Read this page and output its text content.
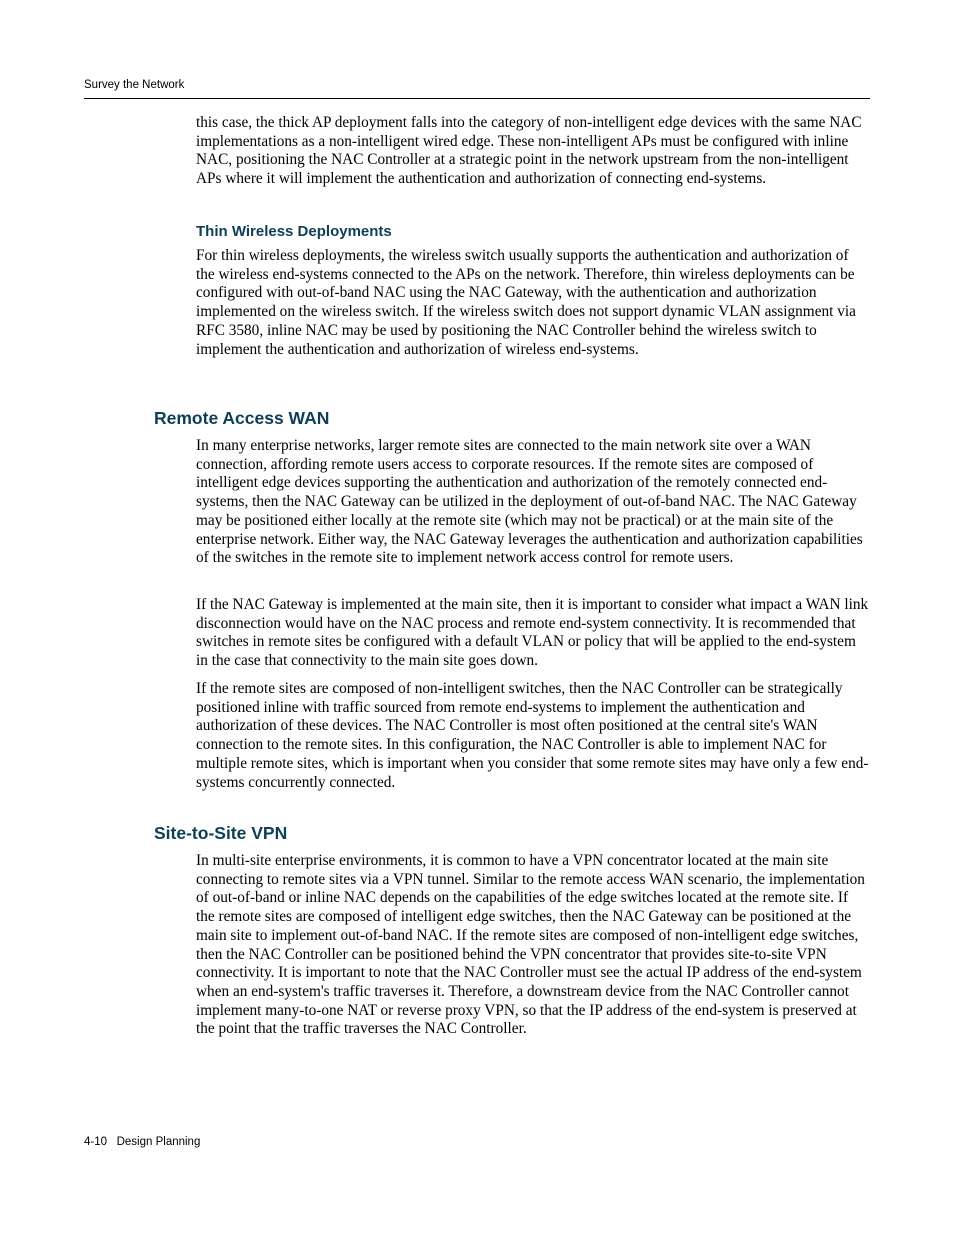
Survey the Network

this case, the thick AP deployment falls into the category of non-intelligent edge devices with the same NAC implementations as a non-intelligent wired edge. These non-intelligent APs must be configured with inline NAC, positioning the NAC Controller at a strategic point in the network upstream from the non-intelligent APs where it will implement the authentication and authorization of connecting end-systems.

Thin Wireless Deployments

For thin wireless deployments, the wireless switch usually supports the authentication and authorization of the wireless end-systems connected to the APs on the network. Therefore, thin wireless deployments can be configured with out-of-band NAC using the NAC Gateway, with the authentication and authorization implemented on the wireless switch. If the wireless switch does not support dynamic VLAN assignment via RFC 3580, inline NAC may be used by positioning the NAC Controller behind the wireless switch to implement the authentication and authorization of wireless end-systems.

Remote Access WAN

In many enterprise networks, larger remote sites are connected to the main network site over a WAN connection, affording remote users access to corporate resources. If the remote sites are composed of intelligent edge devices supporting the authentication and authorization of the remotely connected end-systems, then the NAC Gateway can be utilized in the deployment of out-of-band NAC. The NAC Gateway may be positioned either locally at the remote site (which may not be practical) or at the main site of the enterprise network. Either way, the NAC Gateway leverages the authentication and authorization capabilities of the switches in the remote site to implement network access control for remote users.

If the NAC Gateway is implemented at the main site, then it is important to consider what impact a WAN link disconnection would have on the NAC process and remote end-system connectivity. It is recommended that switches in remote sites be configured with a default VLAN or policy that will be applied to the end-system in the case that connectivity to the main site goes down.

If the remote sites are composed of non-intelligent switches, then the NAC Controller can be strategically positioned inline with traffic sourced from remote end-systems to implement the authentication and authorization of these devices. The NAC Controller is most often positioned at the central site's WAN connection to the remote sites. In this configuration, the NAC Controller is able to implement NAC for multiple remote sites, which is important when you consider that some remote sites may have only a few end-systems concurrently connected.

Site-to-Site VPN

In multi-site enterprise environments, it is common to have a VPN concentrator located at the main site connecting to remote sites via a VPN tunnel. Similar to the remote access WAN scenario, the implementation of out-of-band or inline NAC depends on the capabilities of the edge switches located at the remote site. If the remote sites are composed of intelligent edge switches, then the NAC Gateway can be positioned at the main site to implement out-of-band NAC. If the remote sites are composed of non-intelligent edge switches, then the NAC Controller can be positioned behind the VPN concentrator that provides site-to-site VPN connectivity. It is important to note that the NAC Controller must see the actual IP address of the end-system when an end-system's traffic traverses it. Therefore, a downstream device from the NAC Controller cannot implement many-to-one NAT or reverse proxy VPN, so that the IP address of the end-system is preserved at the point that the traffic traverses the NAC Controller.

4-10   Design Planning
